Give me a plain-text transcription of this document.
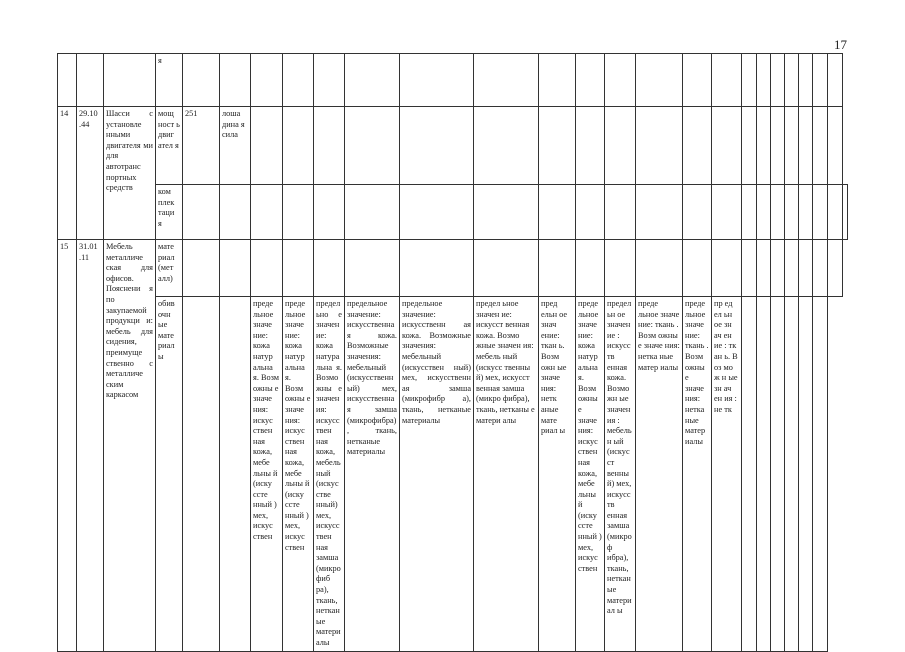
17
			я																						
14	29.10 .44	Шасси с установле нными двигателя ми для автотранс портных средств	мощ ност ь двиг ател я	251	лоша дина я сила																				
			ком плек таци я																						
15	31.01 .11	Мебель металличе ская для офисов. Пояснени я по закупаемой продукци и: мебель для сидения, преимуще ственно с металличе ским каркасом	мате риал (мет алл)																						
			обив очн ые мате риал ы			преде льное значе ние: кожа натур альна я. Возм ожны е значе ния: искус ствен ная кожа, мебе льны й (иску ссте нный ) мех, искус ствен	преде льное значе ние: кожа натур альна я. Возм ожны е значе ния: искус ствен ная кожа, мебе льны й (иску ссте нный ) мех, искус ствен	предельно е значение: кожа натуральна я. Возможны е значения: искусствен ная кожа, мебельный (искусстве нный) мех, искусствен ная замша (микрофиб ра), ткань, нетканые материалы	предельное значение: искусственная кожа. Возможные значения: мебельный (искусственный) мех, искусственная замша (микрофибра), ткань, нетканые материалы	предельное значение: искусственн ая кожа. Возможные значения: мебельный (искусствен ный) мех, искусственн ая замша (микрофибр а), ткань, нетканые материалы	предел ьное значен ие: искусст венная кожа. Возмо жные значен ия: мебель ный (искусс твенны й) мех, искусст венная замша (микро фибра), ткань, нетканы е матери алы	пред ельн ое знач ение: ткан ь. Возм ожн ые значе ния: нетк аные мате риал ы	преде льное значе ние: кожа натур альна я. Возм ожны е значе ния: искус ствен ная кожа, мебе льны й (иску ссте нный ) мех, искус ствен	предельн ое значение : искусств енная кожа. Возможн ые значения : мебельн ый (искусст венный) мех, искусств енная замша (микроф ибра), ткань, нетканые материал ы	преде льное значе ние: ткань . Возм ожны е значе ния: нетка ные матер иалы	преде льное значе ние: ткань . Возм ожны е значе ния: нетка ные матер иалы	пр ед ел ьн ое зн ач ен ие : тк ан ь. В оз мо ж н ые зн ач ен ия : не тк								
